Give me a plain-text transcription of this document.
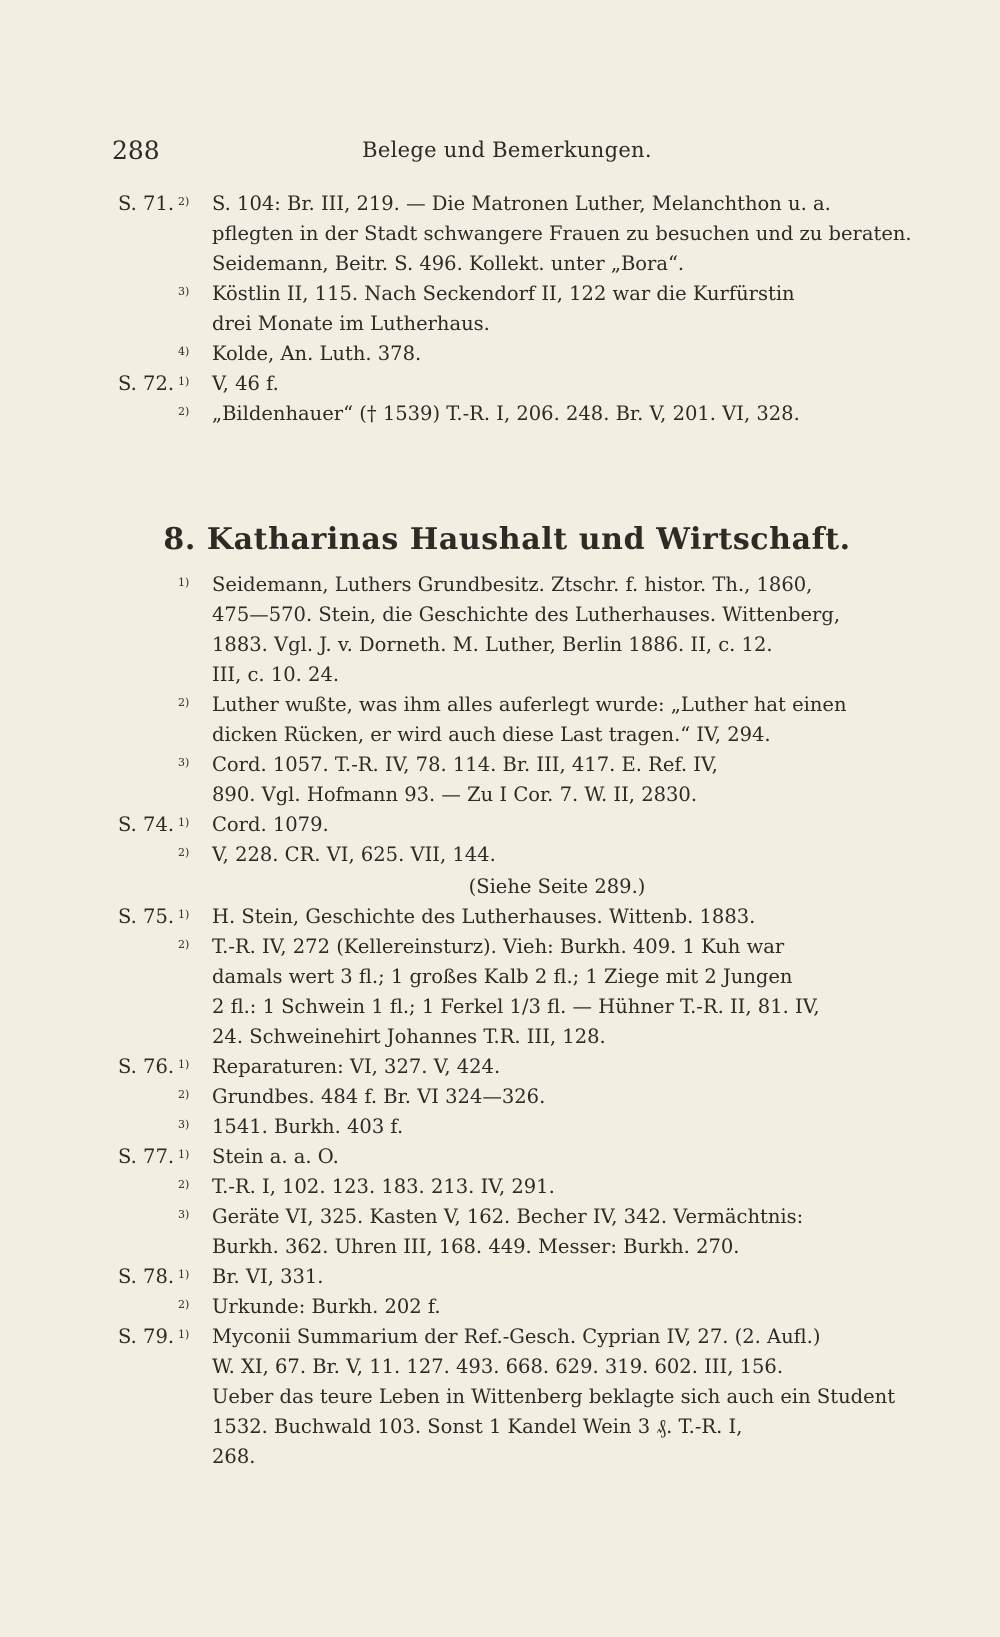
288	Belege und Bemerkungen.
8. Katharinas Haushalt und Wirtschaft.
S. 71. $^{2)}$ S. 104: Br. III, 219. — Die Matronen Luther, Melanchthon u. a.
pflegten in der Stadt schwangere Frauen zu besuchen und zu beraten.
Seidemann, Beitr. S. 496. Kollekt. unter „Bora“.
$^{3)}$ Köstlin II, 115. Nach Seckendorf II, 122 war die Kurfürstin
drei Monate im Lutherhaus.
$^{4)}$ Kolde, An. Luth. 378.
S. 72. $^{1)}$ V, 46 f.
$^{2)}$ „Bildenhauer“ († 1539) T.-R. I, 206. 248. Br. V, 201. VI, 328.
$^{1)}$ Seidemann, Luthers Grundbesitz. Ztschr. f. histor. Th., 1860,
475—570. Stein, die Geschichte des Lutherhauses. Wittenberg,
1883. Vgl. J. v. Dorneth. M. Luther, Berlin 1886. II, c. 12.
III, c. 10. 24.
$^{2)}$ Luther wußte, was ihm alles auferlegt wurde: „Luther hat einen
dicken Rücken, er wird auch diese Last tragen.“ IV, 294.
$^{3)}$ Cord. 1057. T.-R. IV, 78. 114. Br. III, 417. E. Ref. IV,
890. Vgl. Hofmann 93. — Zu I Cor. 7. W. II, 2830.
S. 74. $^{1)}$ Cord. 1079.
$^{2)}$ V, 228. CR. VI, 625. VII, 144.
S. 75. $^{1)}$ H. Stein, Geschichte des Lutherhauses. Wittenb. 1883.
$^{2)}$ T.-R. IV, 272 (Kellereinsturz). Vieh: Burkh. 409. 1 Kuh war
damals wert 3 fl.; 1 großes Kalb 2 fl.; 1 Ziege mit 2 Jungen
2 fl.: 1 Schwein 1 fl.; 1 Ferkel 1/3 fl. — Hühner T.-R. II, 81. IV,
24. Schweinehirt Johannes T.R. III, 128.
S. 76. $^{1)}$ Reparaturen: VI, 327. V, 424.
$^{2)}$ Grundbes. 484 f. Br. VI 324—326.
$^{3)}$ 1541. Burkh. 403 f.
S. 77. $^{1)}$ Stein a. a. O.
$^{2)}$ T.-R. I, 102. 123. 183. 213. IV, 291.
$^{3)}$ Geräte VI, 325. Kasten V, 162. Becher IV, 342. Vermächtnis:
Burkh. 362. Uhren III, 168. 449. Messer: Burkh. 270.
S. 78. $^{1)}$ Br. VI, 331.
$^{2)}$ Urkunde: Burkh. 202 f.
S. 79. $^{1)}$ Myconii Summarium der Ref.-Gesch. Cyprian IV, 27. (2. Aufl.)
W. XI, 67. Br. V, 11. 127. 493. 668. 629. 319. 602. III, 156.
Ueber das teure Leben in Wittenberg beklagte sich auch ein Student
1532. Buchwald 103. Sonst 1 Kandel Wein 3 ₰. T.-R. I,
268.
(Siehe Seite 289.)
